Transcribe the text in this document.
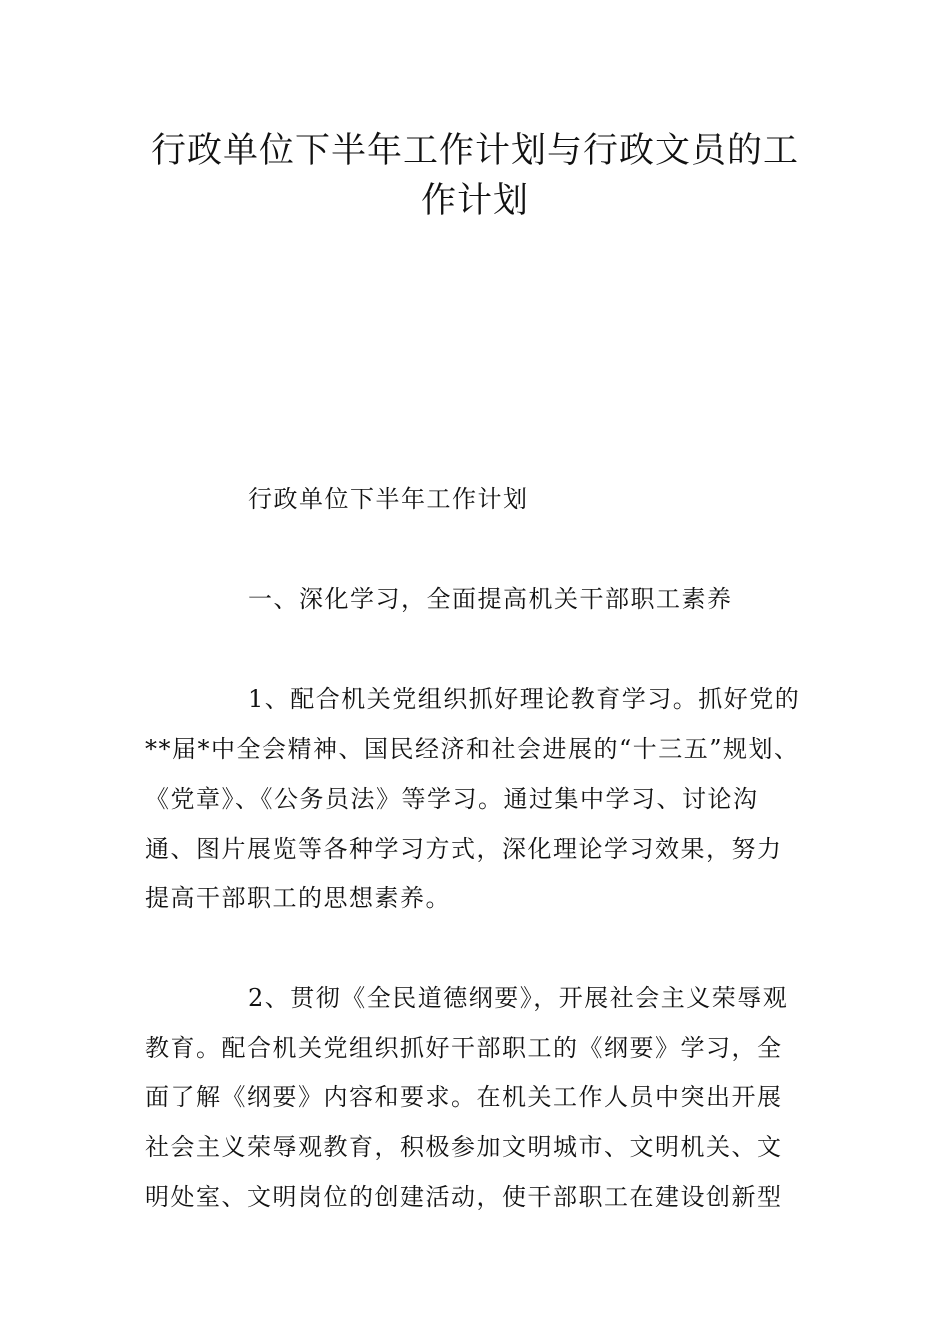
行政单位下半年工作计划与行政文员的工
作计划
行政单位下半年工作计划
一、深化学习，全面提高机关干部职工素养
1、配合机关党组织抓好理论教育学习。抓好党的
**届*中全会精神、国民经济和社会进展的“十三五”规划、
《党章》、《公务员法》等学习。通过集中学习、讨论沟
通、图片展览等各种学习方式，深化理论学习效果，努力
提高干部职工的思想素养。
2、贯彻《全民道德纲要》，开展社会主义荣辱观
教育。配合机关党组织抓好干部职工的《纲要》学习，全
面了解《纲要》内容和要求。在机关工作人员中突出开展
社会主义荣辱观教育，积极参加文明城市、文明机关、文
明处室、文明岗位的创建活动，使干部职工在建设创新型
